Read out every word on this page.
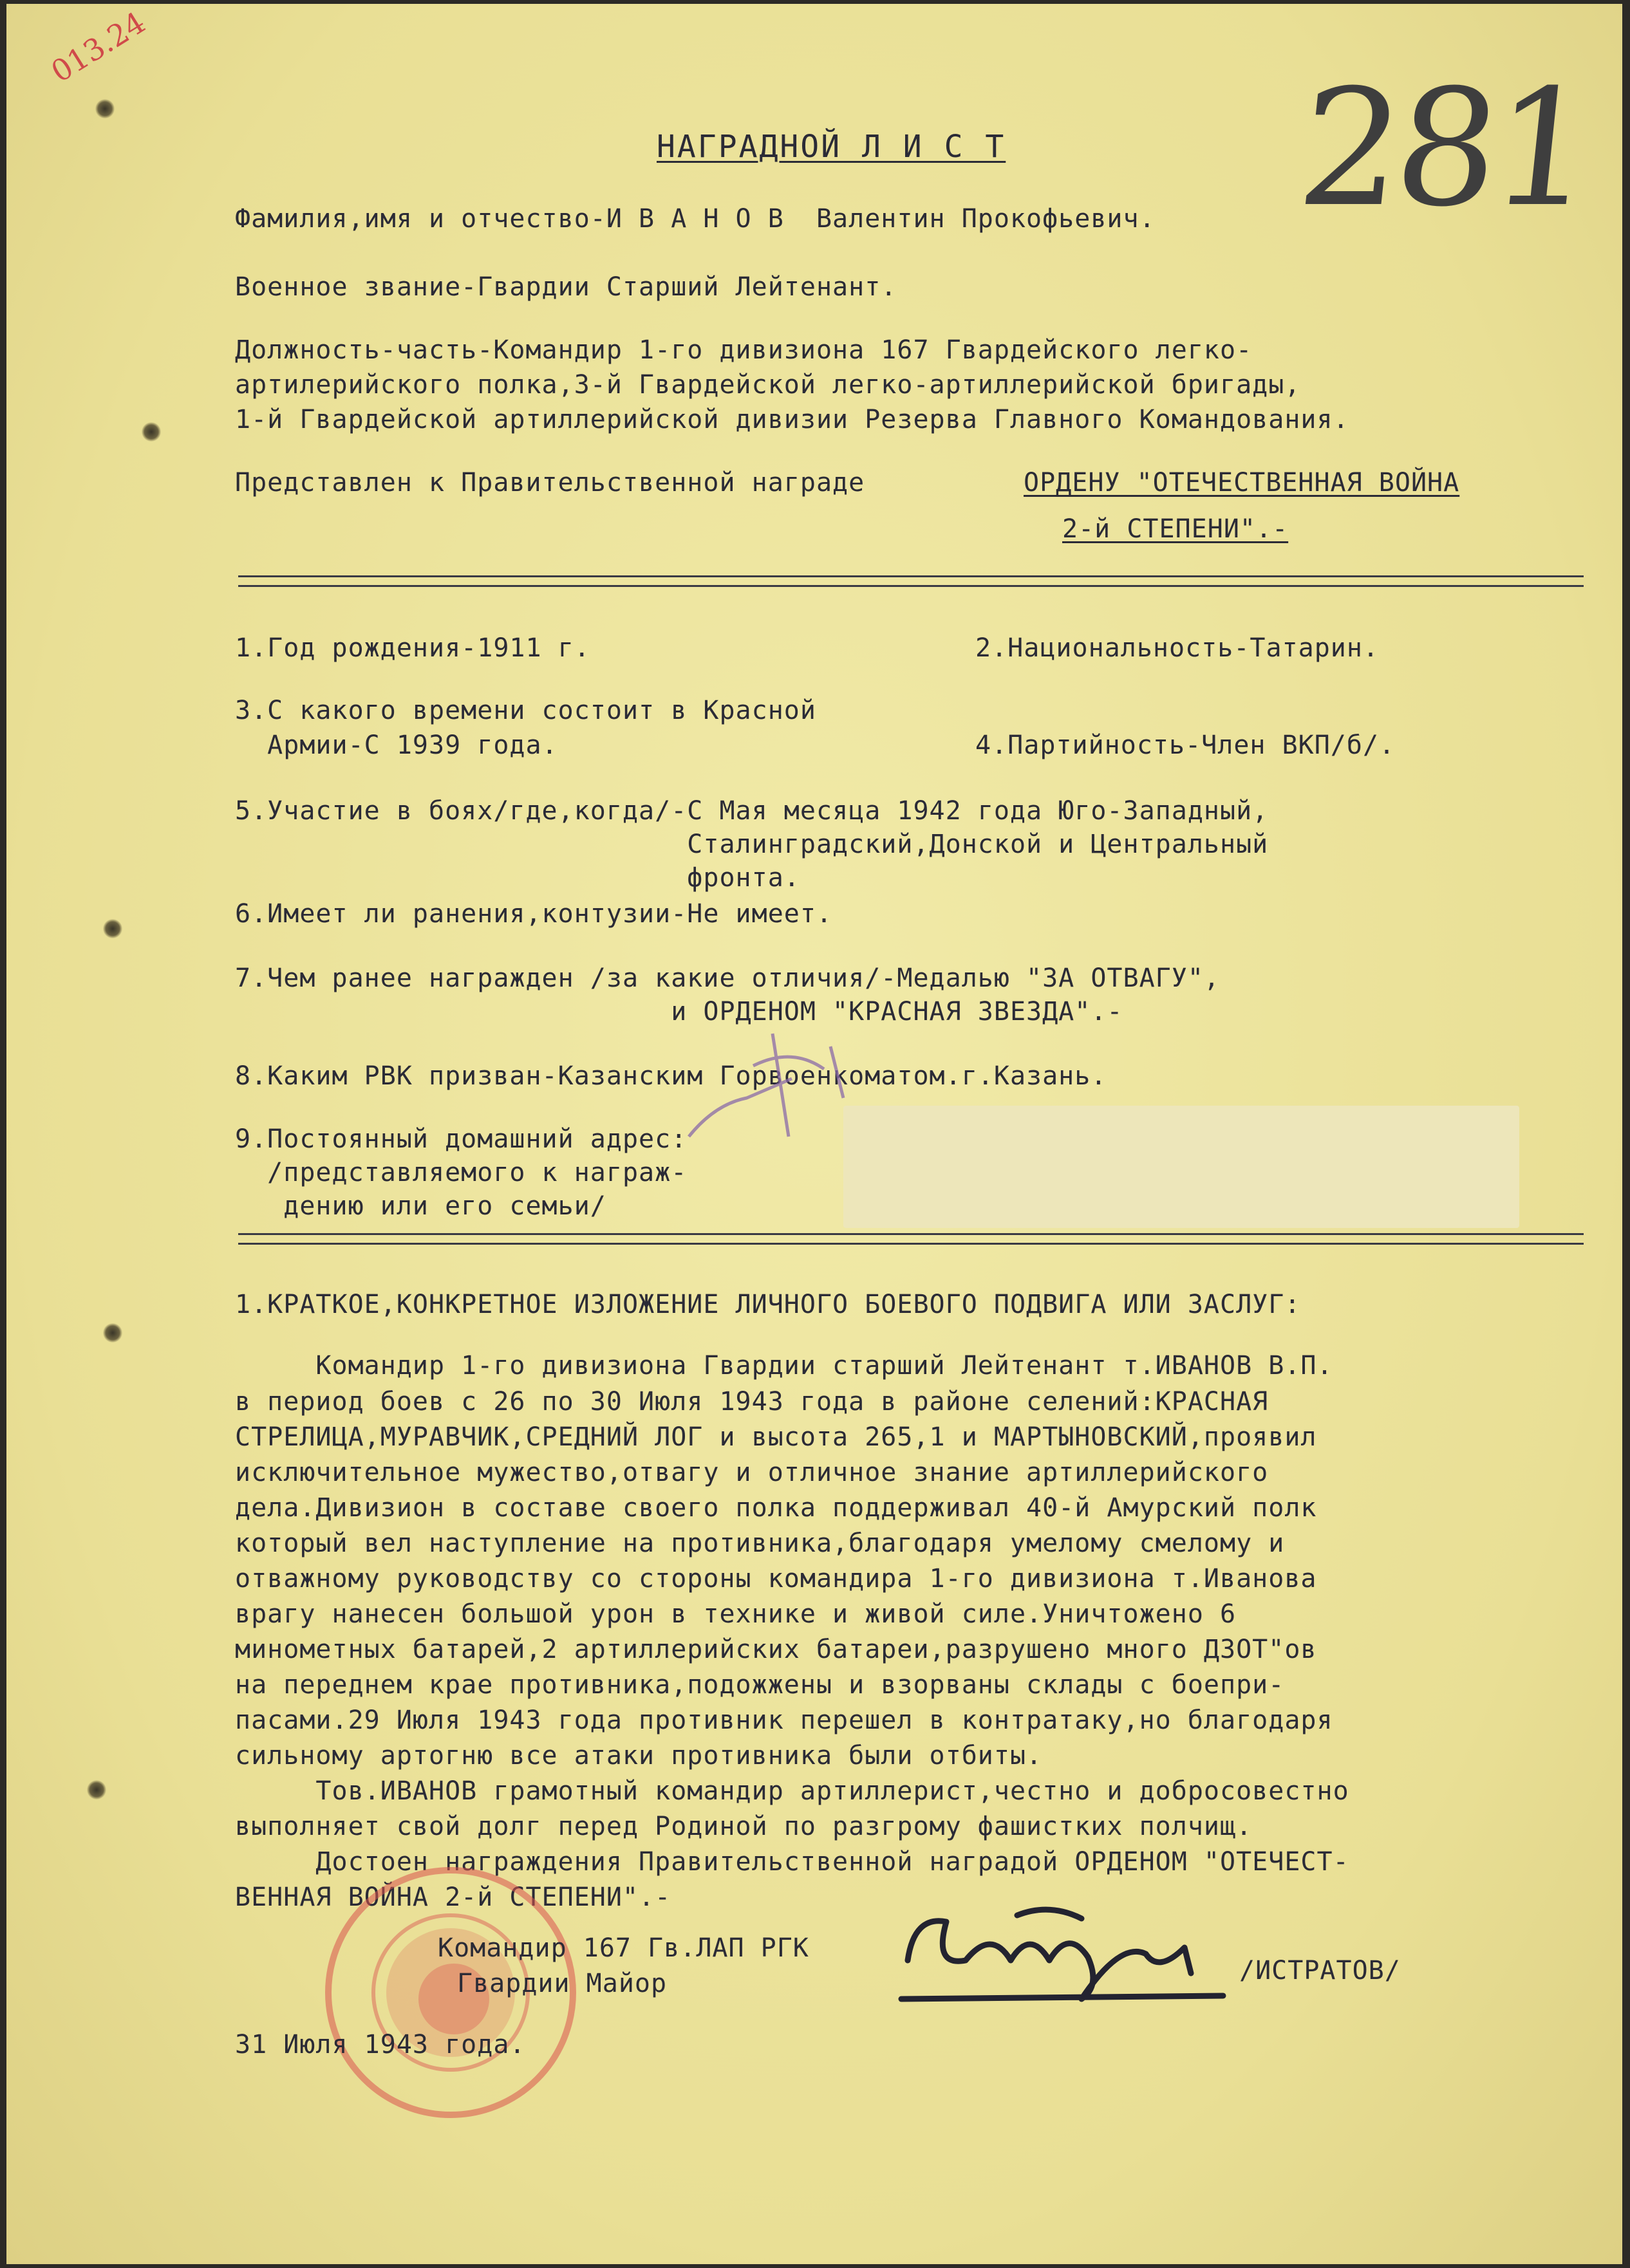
013.24
281
НАГРАДНОЙ Л И С Т
Фамилия,имя и отчество-И В А Н О В  Валентин Прокофьевич.
Военное звание-Гвардии Старший Лейтенант.
Должность-часть-Командир 1-го дивизиона 167 Гвардейского легко-
артилерийского полка,3-й Гвардейской легко-артиллерийской бригады,
1-й Гвардейской артиллерийской дивизии Резерва Главного Командования.
Представлен к Правительственной награде	ОРДЕНУ "ОТЕЧЕСТВЕННАЯ ВОЙНА
2-й СТЕПЕНИ".-
1.Год рождения-1911 г.	2.Национальность-Татарин.
3.С какого времени состоит в Красной
Армии-С 1939 года.	4.Партийность-Член ВКП/б/.
5.Участие в боях/где,когда/-С Мая месяца 1942 года Юго-Западный,
Сталинградский,Донской и Центральный
фронта.
6.Имеет ли ранения,контузии-Не имеет.
7.Чем ранее награжден /за какие отличия/-Медалью "ЗА ОТВАГУ",
и ОРДЕНОМ "КРАСНАЯ ЗВЕЗДА".-
8.Каким РВК призван-Казанским Горвоенкоматом.г.Казань.
9.Постоянный домашний адрес:
/представляемого к награж-
дению или его семьи/
1.КРАТКОЕ,КОНКРЕТНОЕ ИЗЛОЖЕНИЕ ЛИЧНОГО БОЕВОГО ПОДВИГА ИЛИ ЗАСЛУГ:
Командир 1-го дивизиона Гвардии старший Лейтенант т.ИВАНОВ В.П.
в период боев с 26 по 30 Июля 1943 года в районе селений:КРАСНАЯ
СТРЕЛИЦА,МУРАВЧИК,СРЕДНИЙ ЛОГ и высота 265,1 и МАРТЫНОВСКИЙ,проявил
исключительное мужество,отвагу и отличное знание артиллерийского
дела.Дивизион в составе своего полка поддерживал 40-й Амурский полк
который вел наступление на противника,благодаря умелому смелому и
отважному руководству со стороны командира 1-го дивизиона т.Иванова
врагу нанесен большой урон в технике и живой силе.Уничтожено 6
минометных батарей,2 артиллерийских батареи,разрушено много ДЗОТ"ов
на переднем крае противника,подожжены и взорваны склады с боепри-
пасами.29 Июля 1943 года противник перешел в контратаку,но благодаря
сильному артогню все атаки противника были отбиты.
Тов.ИВАНОВ грамотный командир артиллерист,честно и добросовестно
выполняет свой долг перед Родиной по разгрому фашистких полчищ.
Достоен награждения Правительственной наградой ОРДЕНОМ "ОТЕЧЕСТ-
ВЕННАЯ ВОЙНА 2-й СТЕПЕНИ".-
Командир 167 Гв.ЛАП РГК
Гвардии Майор	/ИСТРАТОВ/
31 Июля 1943 года.
